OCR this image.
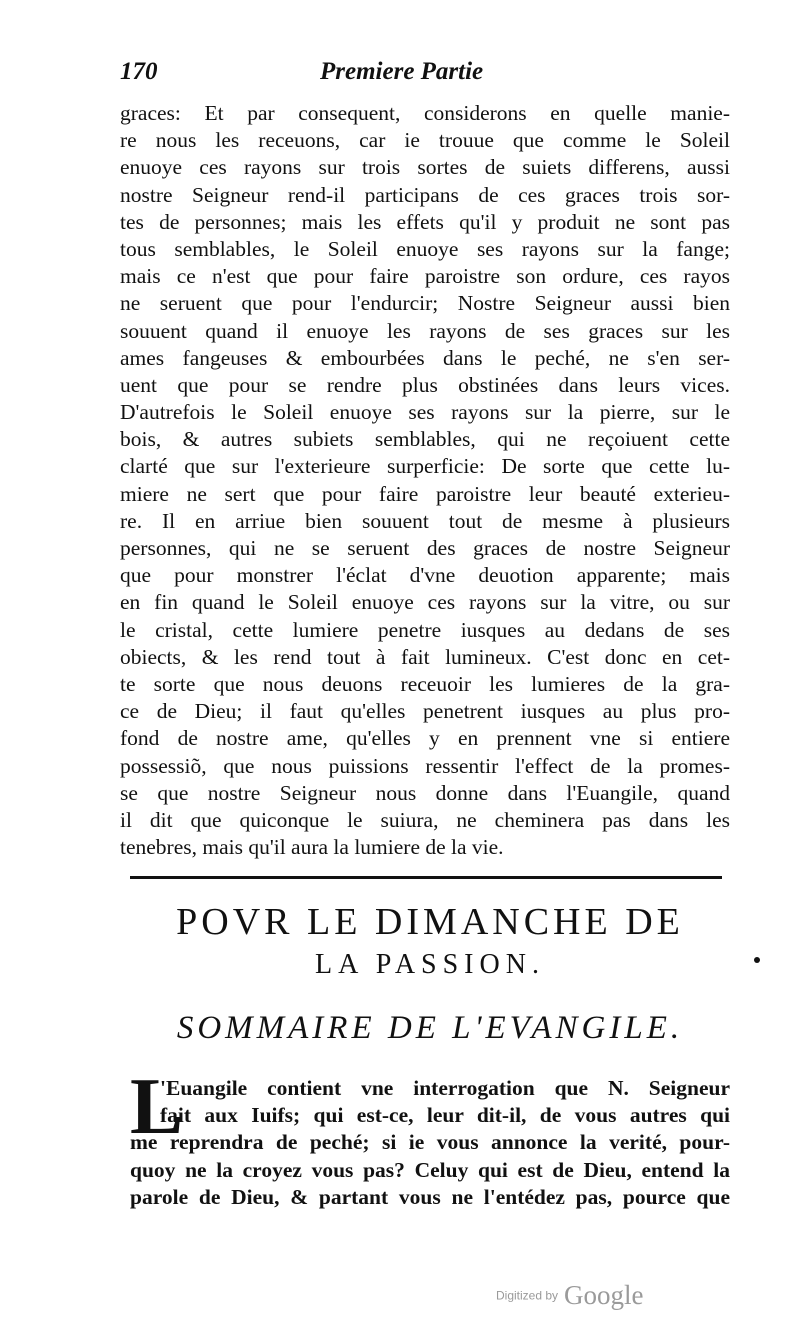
170	Premiere Partie
graces: Et par consequent, considerons en quelle manie-
re nous les receuons, car ie trouue que comme le Soleil
enuoye ces rayons sur trois sortes de suiets differens, aussi
nostre Seigneur rend-il participans de ces graces trois sor-
tes de personnes; mais les effets qu'il y produit ne sont pas
tous semblables, le Soleil enuoye ses rayons sur la fange;
mais ce n'est que pour faire paroistre son ordure, ces rayos
ne seruent que pour l'endurcir; Nostre Seigneur aussi bien
souuent quand il enuoye les rayons de ses graces sur les
ames fangeuses & embourbées dans le peché, ne s'en ser-
uent que pour se rendre plus obstinées dans leurs vices.
D'autrefois le Soleil enuoye ses rayons sur la pierre, sur le
bois, & autres subiets semblables, qui ne reçoiuent cette
clarté que sur l'exterieure surperficie: De sorte que cette lu-
miere ne sert que pour faire paroistre leur beauté exterieu-
re. Il en arriue bien souuent tout de mesme à plusieurs
personnes, qui ne se seruent des graces de nostre Seigneur
que pour monstrer l'éclat d'vne deuotion apparente; mais
en fin quand le Soleil enuoye ces rayons sur la vitre, ou sur
le cristal, cette lumiere penetre iusques au dedans de ses
obiects, & les rend tout à fait lumineux. C'est donc en cet-
te sorte que nous deuons receuoir les lumieres de la gra-
ce de Dieu; il faut qu'elles penetrent iusques au plus pro-
fond de nostre ame, qu'elles y en prennent vne si entiere
possessiõ, que nous puissions ressentir l'effect de la promes-
se que nostre Seigneur nous donne dans l'Euangile, quand
il dit que quiconque le suiura, ne cheminera pas dans les
tenebres, mais qu'il aura la lumiere de la vie.
POVR LE DIMANCHE DE
LA PASSION.
SOMMAIRE DE L'EVANGILE.
L
'Euangile contient vne interrogation que N. Seigneur
fait aux Iuifs; qui est-ce, leur dit-il, de vous autres qui
me reprendra de peché; si ie vous annonce la verité, pour-
quoy ne la croyez vous pas? Celuy qui est de Dieu, entend la
parole de Dieu, & partant vous ne l'entédez pas, pource que
Digitized by Google
